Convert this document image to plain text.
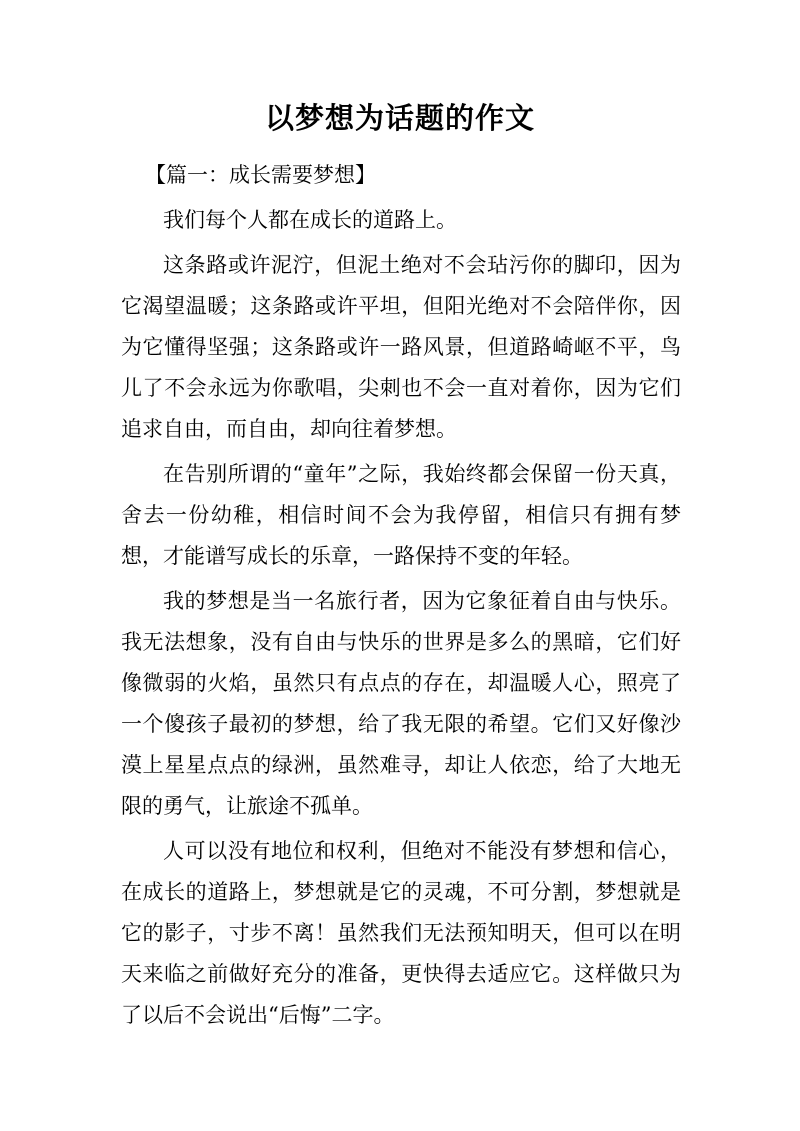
以梦想为话题的作文

【篇一：成长需要梦想】

我们每个人都在成长的道路上。

这条路或许泥泞，但泥土绝对不会玷污你的脚印，因为它渴望温暖；这条路或许平坦，但阳光绝对不会陪伴你，因为它懂得坚强；这条路或许一路风景，但道路崎岖不平，鸟儿了不会永远为你歌唱，尖刺也不会一直对着你，因为它们追求自由，而自由，却向往着梦想。

在告别所谓的“童年”之际，我始终都会保留一份天真，舍去一份幼稚，相信时间不会为我停留，相信只有拥有梦想，才能谱写成长的乐章，一路保持不变的年轻。

我的梦想是当一名旅行者，因为它象征着自由与快乐。我无法想象，没有自由与快乐的世界是多么的黑暗，它们好像微弱的火焰，虽然只有点点的存在，却温暖人心，照亮了一个傻孩子最初的梦想，给了我无限的希望。它们又好像沙漠上星星点点的绿洲，虽然难寻，却让人依恋，给了大地无限的勇气，让旅途不孤单。

人可以没有地位和权利，但绝对不能没有梦想和信心，在成长的道路上，梦想就是它的灵魂，不可分割，梦想就是它的影子，寸步不离！虽然我们无法预知明天，但可以在明天来临之前做好充分的准备，更快得去适应它。这样做只为了以后不会说出“后悔”二字。
